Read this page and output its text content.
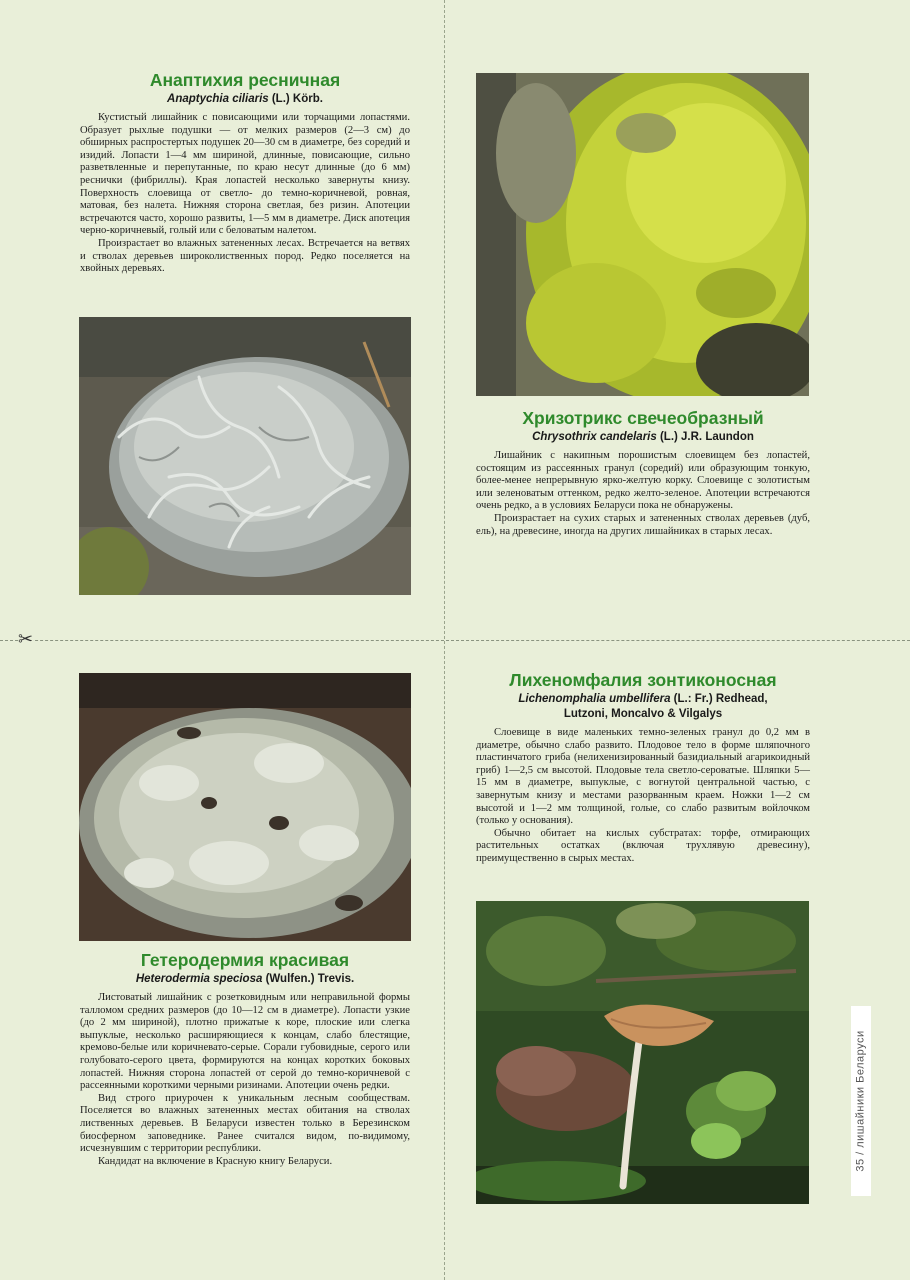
✂
Анаптихия ресничная
Anaptychia ciliaris (L.) Körb.

Кустистый лишайник с повисающими или торчащими лопастями. Образует рыхлые подушки — от мелких размеров (2—3 см) до обширных распростертых подушек 20—30 см в диаметре, без соредий и изидий. Лопасти 1—4 мм шириной, длинные, повисающие, сильно разветвленные и перепутанные, по краю несут длинные (до 6 мм) реснички (фибриллы). Края лопастей несколько завернуты книзу. Поверхность слоевища от светло- до темно-коричневой, ровная, матовая, без налета. Нижняя сторона светлая, без ризин. Апотеции встречаются часто, хорошо развиты, 1—5 мм в диаметре. Диск апотеция черно-коричневый, голый или с беловатым налетом.

Произрастает во влажных затененных лесах. Встречается на ветвях и стволах деревьев широколиственных пород. Редко поселяется на хвойных деревьях.

Хризотрикс свечеобразный
Chrysothrix candelaris (L.) J.R. Laundon

Лишайник с накипным порошистым слоевищем без лопастей, состоящим из рассеянных гранул (соредий) или образующим тонкую, более-менее непрерывную ярко-желтую корку. Слоевище с золотистым или зеленоватым оттенком, редко желто-зеленое. Апотеции встречаются очень редко, а в условиях Беларуси пока не обнаружены.

Произрастает на сухих старых и затененных стволах деревьев (дуб, ель), на древесине, иногда на других лишайниках в старых лесах.

Гетеродермия красивая
Heterodermia speciosa (Wulfen.) Trevis.

Листоватый лишайник с розетковидным или неправильной формы талломом средних размеров (до 10—12 см в диаметре). Лопасти узкие (до 2 мм шириной), плотно прижатые к коре, плоские или слегка выпуклые, несколько расширяющиеся к концам, слабо блестящие, кремово-белые или коричневато-серые. Сорали губовидные, серого или голубовато-серого цвета, формируются на концах коротких боковых лопастей. Нижняя сторона лопастей от серой до темно-коричневой с рассеянными короткими черными ризинами. Апотеции очень редки.

Вид строго приурочен к уникальным лесным сообществам. Поселяется во влажных затененных местах обитания на стволах лиственных деревьев. В Беларуси известен только в Березинском биосферном заповеднике. Ранее считался видом, по-видимому, исчезнувшим с территории республики.

Кандидат на включение в Красную книгу Беларуси.

Лихеномфалия зонтиконосная
Lichenomphalia umbellifera (L.: Fr.) Redhead,
Lutzoni, Moncalvo & Vilgalys

Слоевище в виде маленьких темно-зеленых гранул до 0,2 мм в диаметре, обычно слабо развито. Плодовое тело в форме шляпочного пластинчатого гриба (нелихенизированный базидиальный агарикоидный гриб) 1—2,5 см высотой. Плодовые тела светло-сероватые. Шляпки 5—15 мм в диаметре, выпуклые, с вогнутой центральной частью, с завернутым книзу и местами разорванным краем. Ножки 1—2 см высотой и 1—2 мм толщиной, голые, со слабо развитым войлочком (только у основания).

Обычно обитает на кислых субстратах: торфе, отмирающих растительных остатках (включая трухлявую древесину), преимущественно в сырых местах.

35 / лишайники Беларуси
